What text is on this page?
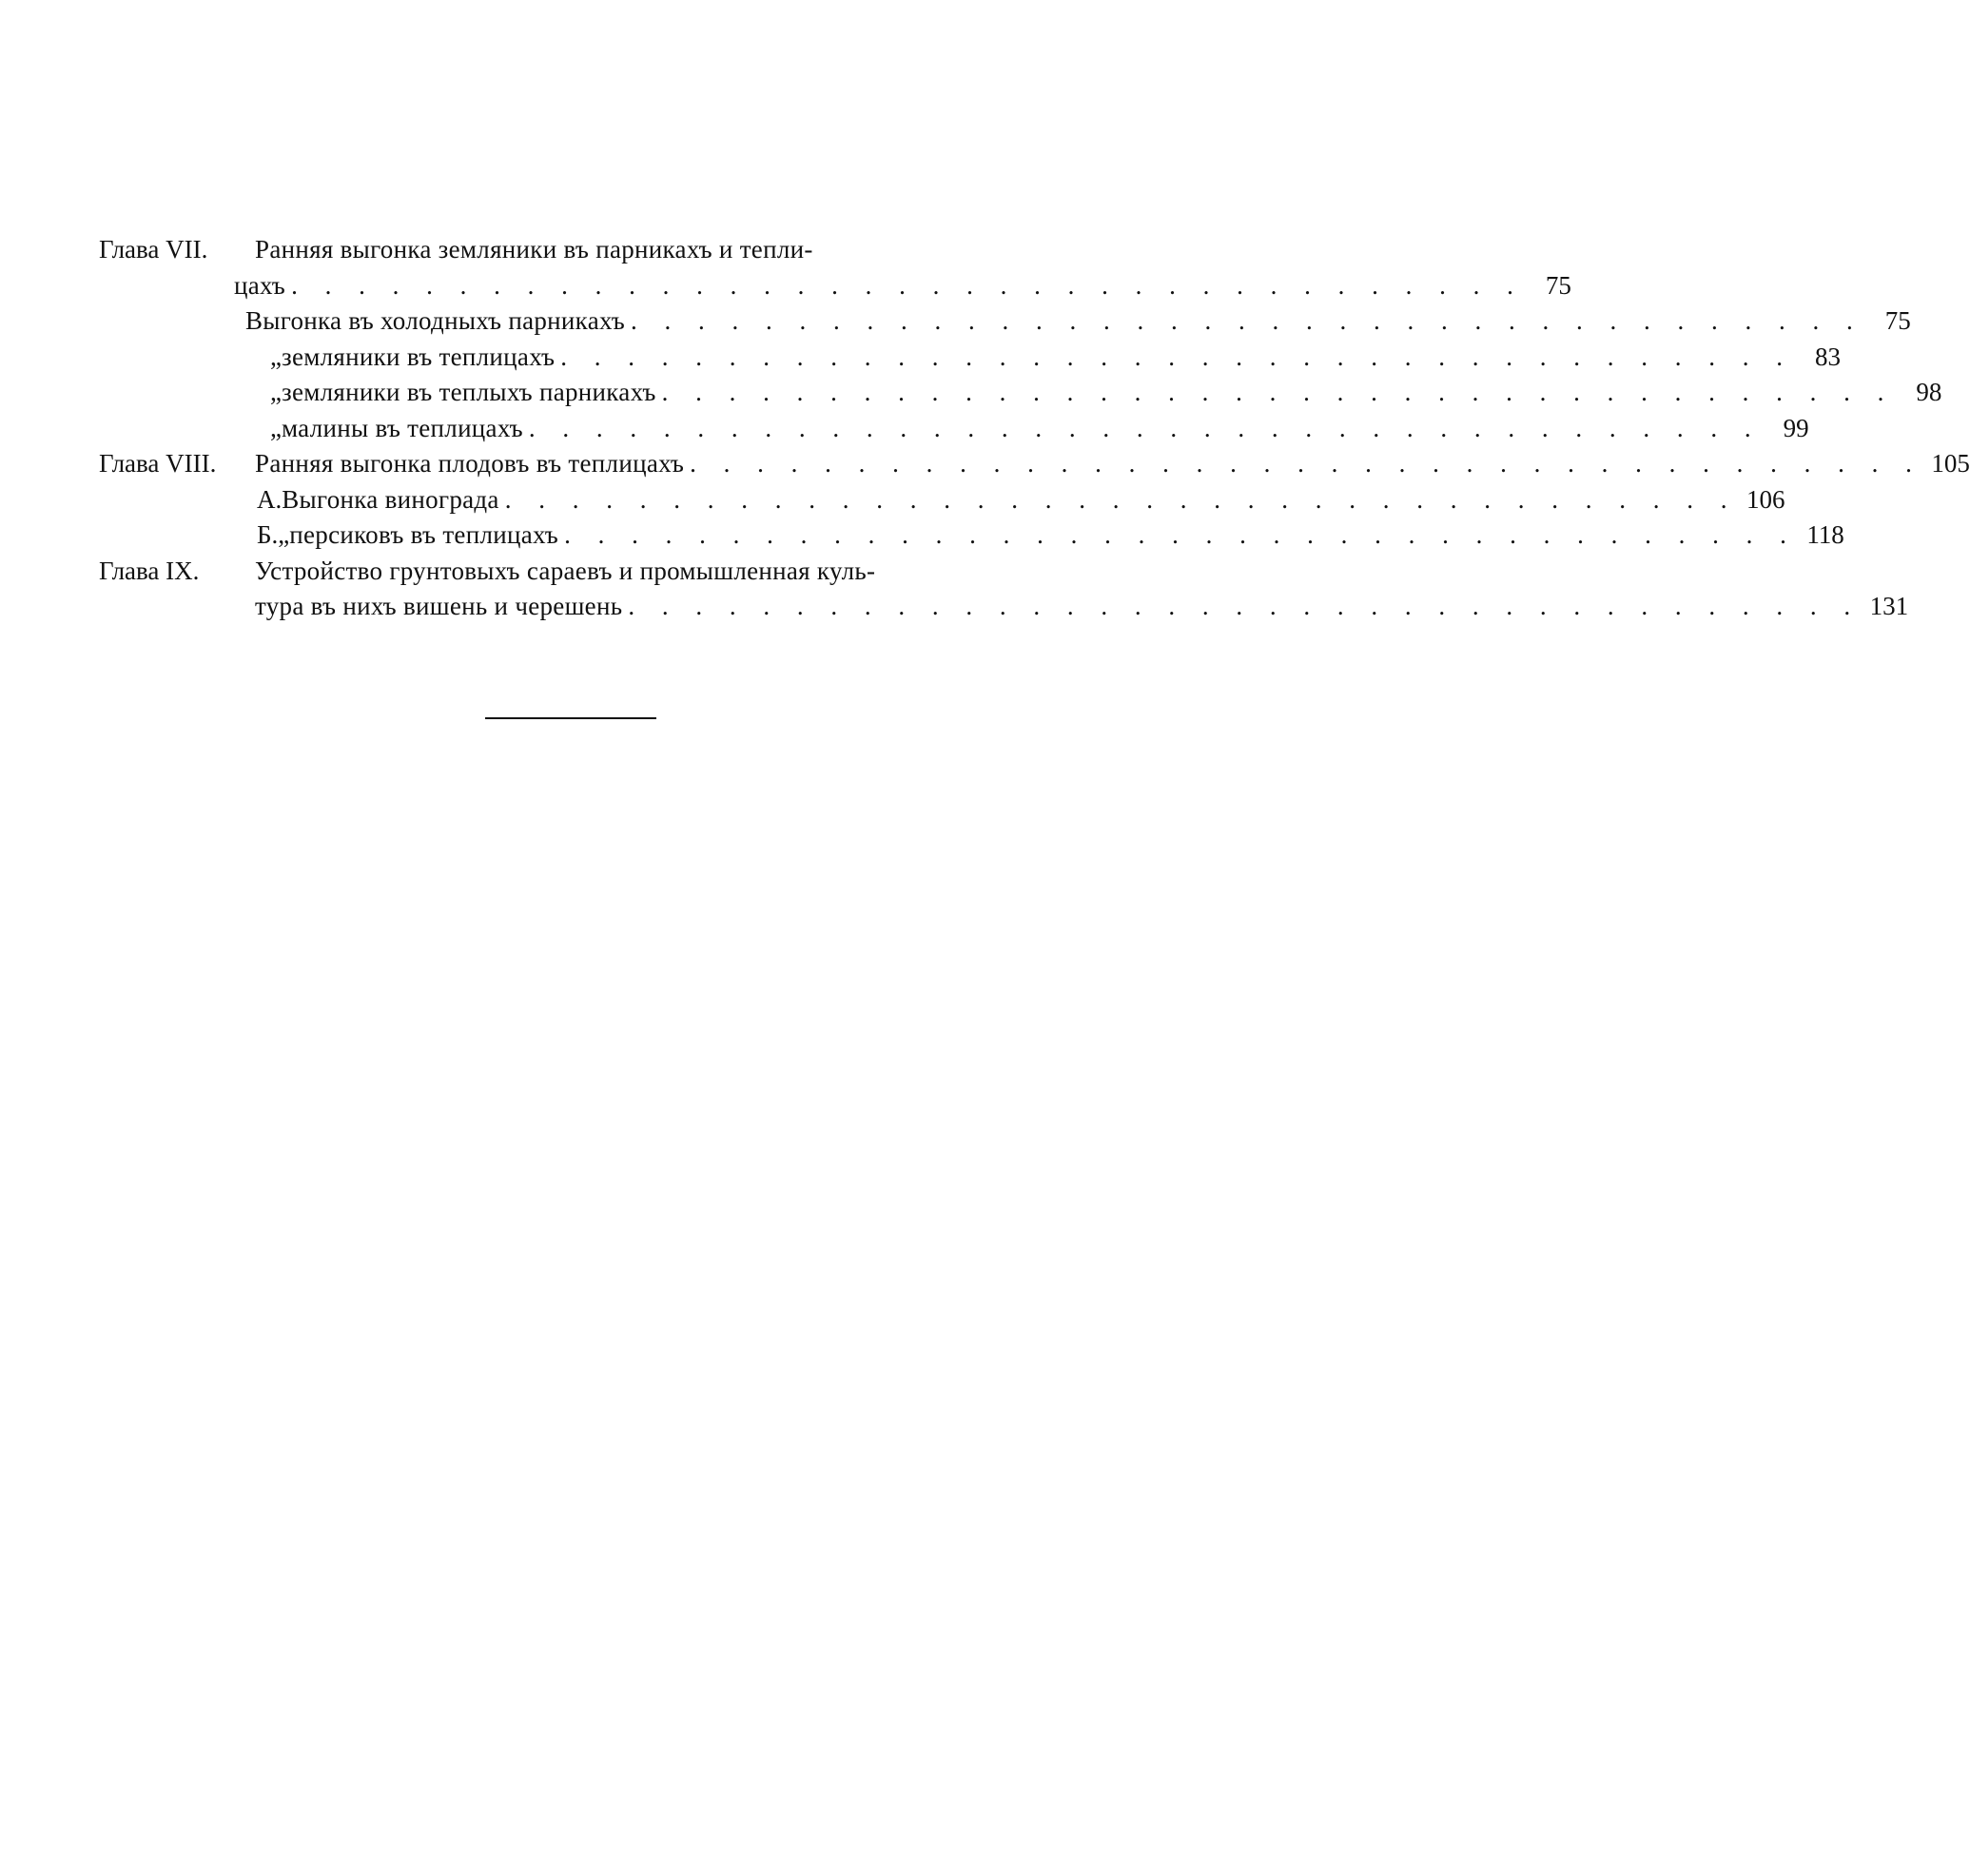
Глава VII. Ранняя выгонка земляники въ парникахъ и тепли-
цахъ . . . . . . . . . . . . . . . . . . . . . . . . . . . . . . . . . . . . . 75
Выгонка въ холодныхъ парникахъ . . . . . . . . . . . . . . . . . . . . . . . . . . . . . . . . . . . . . 75
„ земляники въ теплицахъ . . . . . . . . . . . . . . . . . . . . . . . . . . . . . . . . . . . . . 83
„ земляники въ теплыхъ парникахъ . . . . . . . . . . . . . . . . . . . . . . . . . . . . . . . . . . . . . 98
„ малины въ теплицахъ . . . . . . . . . . . . . . . . . . . . . . . . . . . . . . . . . . . . . 99
Глава VIII. Ранняя выгонка плодовъ въ теплицахъ . . . . . . . . . . . . . . . . . . . . . . . . . . . . . . . . . . . . . 105
А. Выгонка винограда . . . . . . . . . . . . . . . . . . . . . . . . . . . . . . . . . . . . . 106
Б. „ персиковъ въ теплицахъ . . . . . . . . . . . . . . . . . . . . . . . . . . . . . . . . . . . . . 118
Глава IX. Устройство грунтовыхъ сараевъ и промышленная куль-
тура въ нихъ вишень и черешень . . . . . . . . . . . . . . . . . . . . . . . . . . . . . . . . . . . . . 131
